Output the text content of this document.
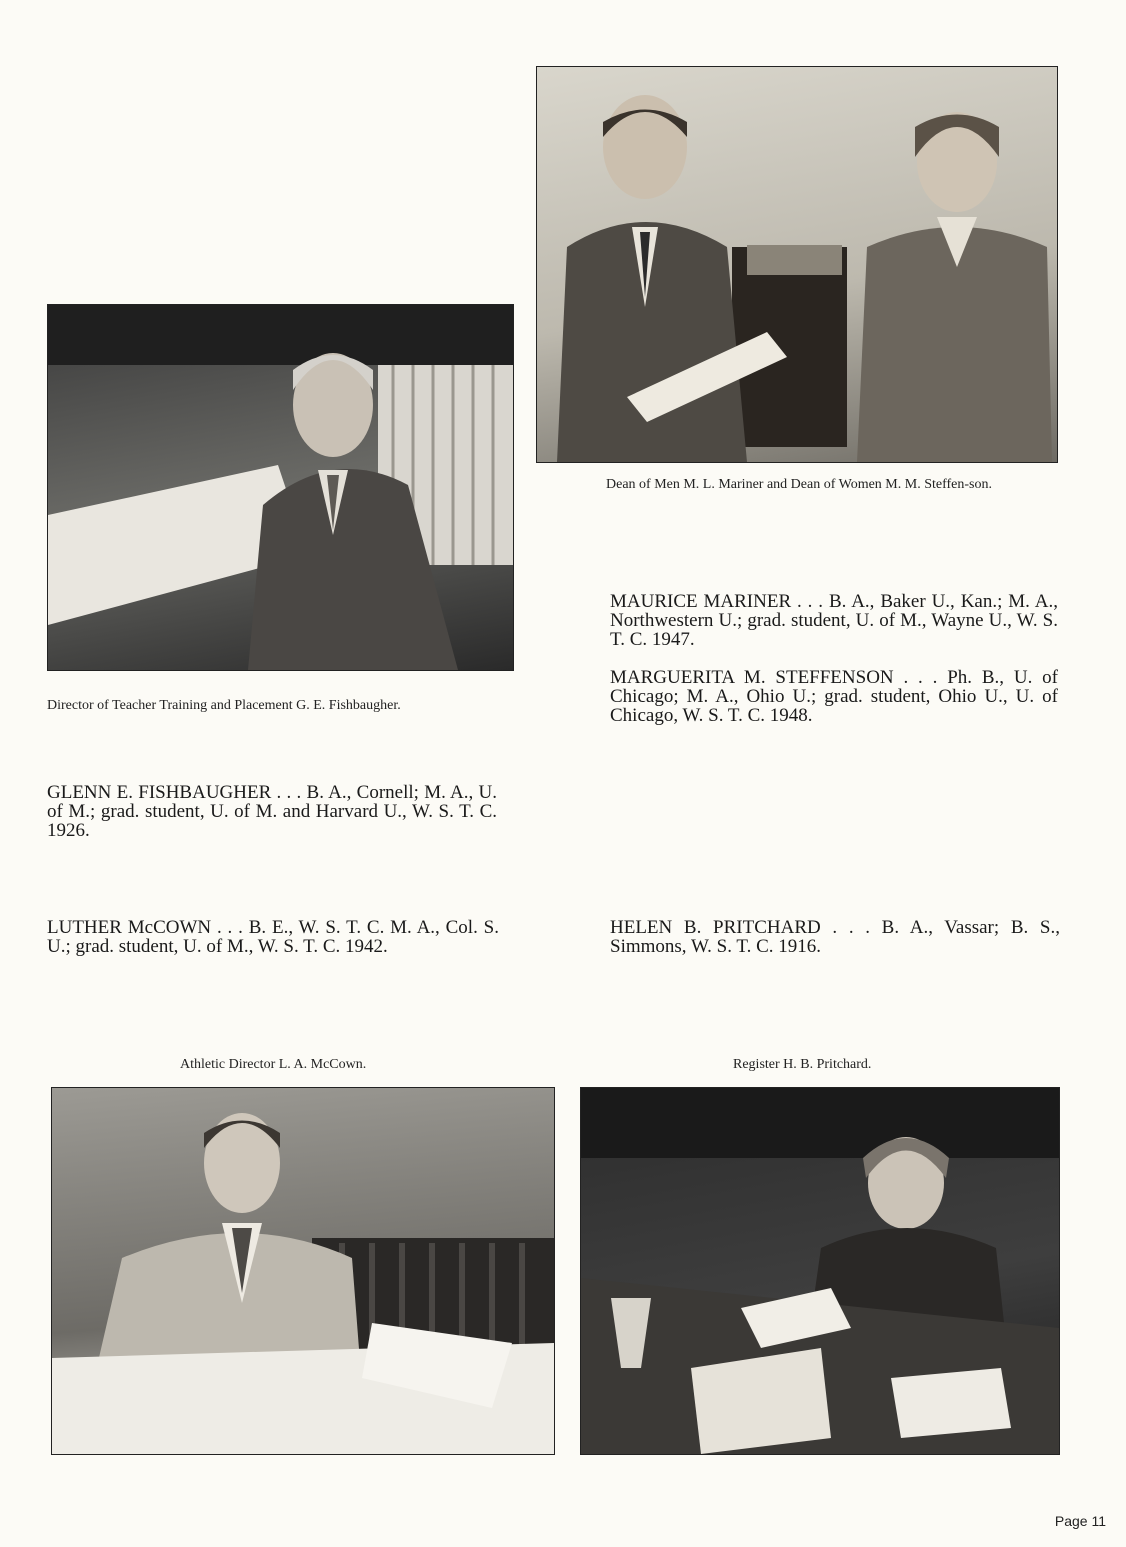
Dean of Men M. L. Mariner and Dean of Women M. M. Steffen-son.
Director of Teacher Training and Placement G. E. Fishbaugher.
MAURICE MARINER . . . B. A., Baker U., Kan.; M. A., Northwestern U.; grad. student, U. of M., Wayne U., W. S. T. C. 1947.
MARGUERITA M. STEFFENSON . . . Ph. B., U. of Chicago; M. A., Ohio U.; grad. student, Ohio U., U. of Chicago, W. S. T. C. 1948.
GLENN E. FISHBAUGHER . . . B. A., Cornell; M. A., U. of M.; grad. student, U. of M. and Harvard U., W. S. T. C. 1926.
LUTHER McCOWN . . . B. E., W. S. T. C. M. A., Col. S. U.; grad. student, U. of M., W. S. T. C. 1942.
HELEN B. PRITCHARD . . . B. A., Vassar; B. S., Simmons, W. S. T. C. 1916.
Athletic Director L. A. McCown.	Register H. B. Pritchard.
Page 11
